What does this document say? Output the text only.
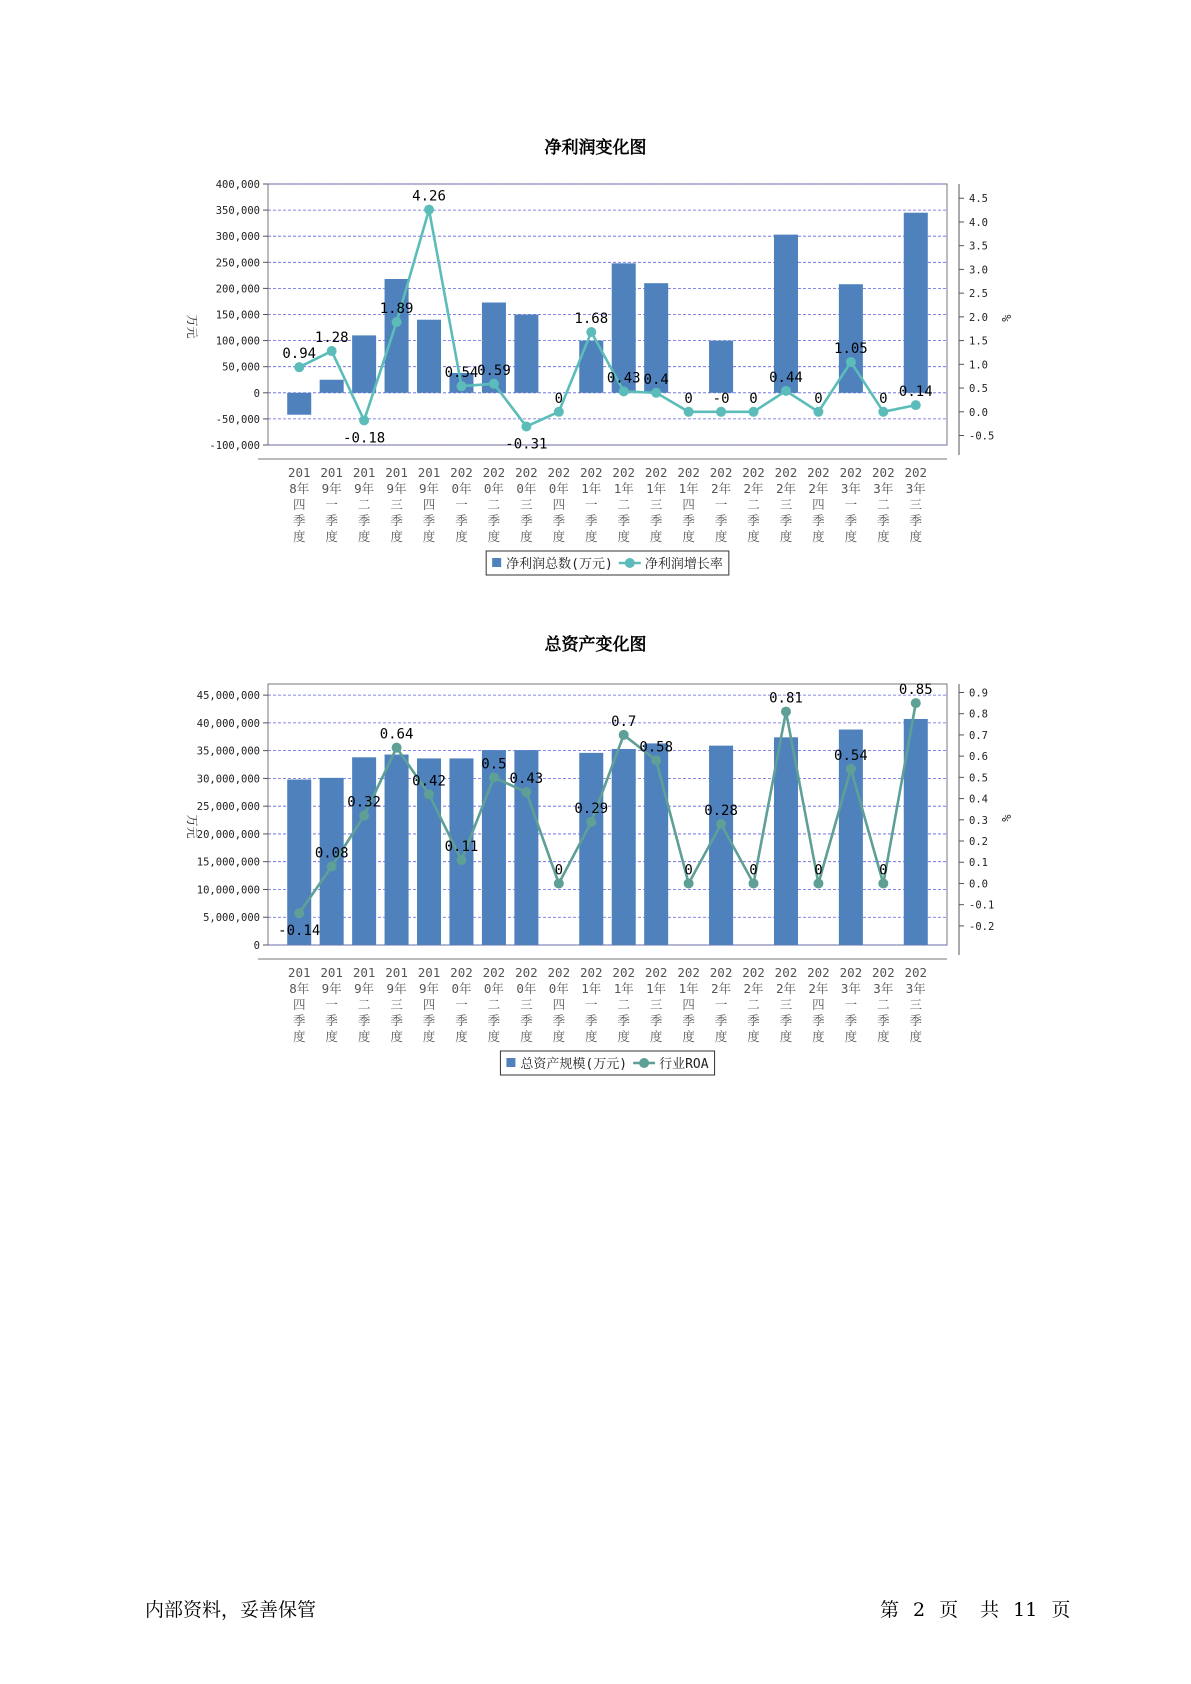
净利润变化图
-100,000
-50,000
0
50,000
100,000
150,000
200,000
250,000
300,000
350,000
400,000
-0.5
0.0
0.5
1.0
1.5
2.0
2.5
3.0
3.5
4.0
4.5
万元	%
0.94
1.28
-0.18
1.89
4.26
0.54
0.59
-0.31
0
1.68
0.43 0.4
0 -0 0
0.44
0
1.05
0 0.14
201
8年
四
季
度
201
9年
一
季
度
201
9年
二
季
度
201
9年
三
季
度
201
9年
四
季
度
202
0年
一
季
度
202
0年
二
季
度
202
0年
三
季
度
202
0年
四
季
度
202
1年
一
季
度
202
1年
二
季
度
202
1年
三
季
度
202
1年
四
季
度
202
2年
一
季
度
202
2年
二
季
度
202
2年
三
季
度
202
2年
四
季
度
202
3年
一
季
度
202
3年
二
季
度
202
3年
三
季
度
净利润总数(万元) 净利润增长率
总资产变化图
0
5,000,000
10,000,000
15,000,000
20,000,000
25,000,000
30,000,000
35,000,000
40,000,000
45,000,000
-0.2
-0.1
0.0
0.1
0.2
0.3
0.4
0.5
0.6
0.7
0.8
0.9
万元	%
-0.14
0.08
0.32
0.64
0.42
0.11
0.5
0.43
0
0.29
0.7
0.58
0
0.28
0
0.81
0
0.54
0
0.85
201
8年
四
季
度
201
9年
一
季
度
201
9年
二
季
度
201
9年
三
季
度
201
9年
四
季
度
202
0年
一
季
度
202
0年
二
季
度
202
0年
三
季
度
202
0年
四
季
度
202
1年
一
季
度
202
1年
二
季
度
202
1年
三
季
度
202
1年
四
季
度
202
2年
一
季
度
202
2年
二
季
度
202
2年
三
季
度
202
2年
四
季
度
202
3年
一
季
度
202
3年
二
季
度
202
3年
三
季
度
总资产规模(万元) 行业ROA
内部资料，妥善保管	第 2 页 共 11 页
